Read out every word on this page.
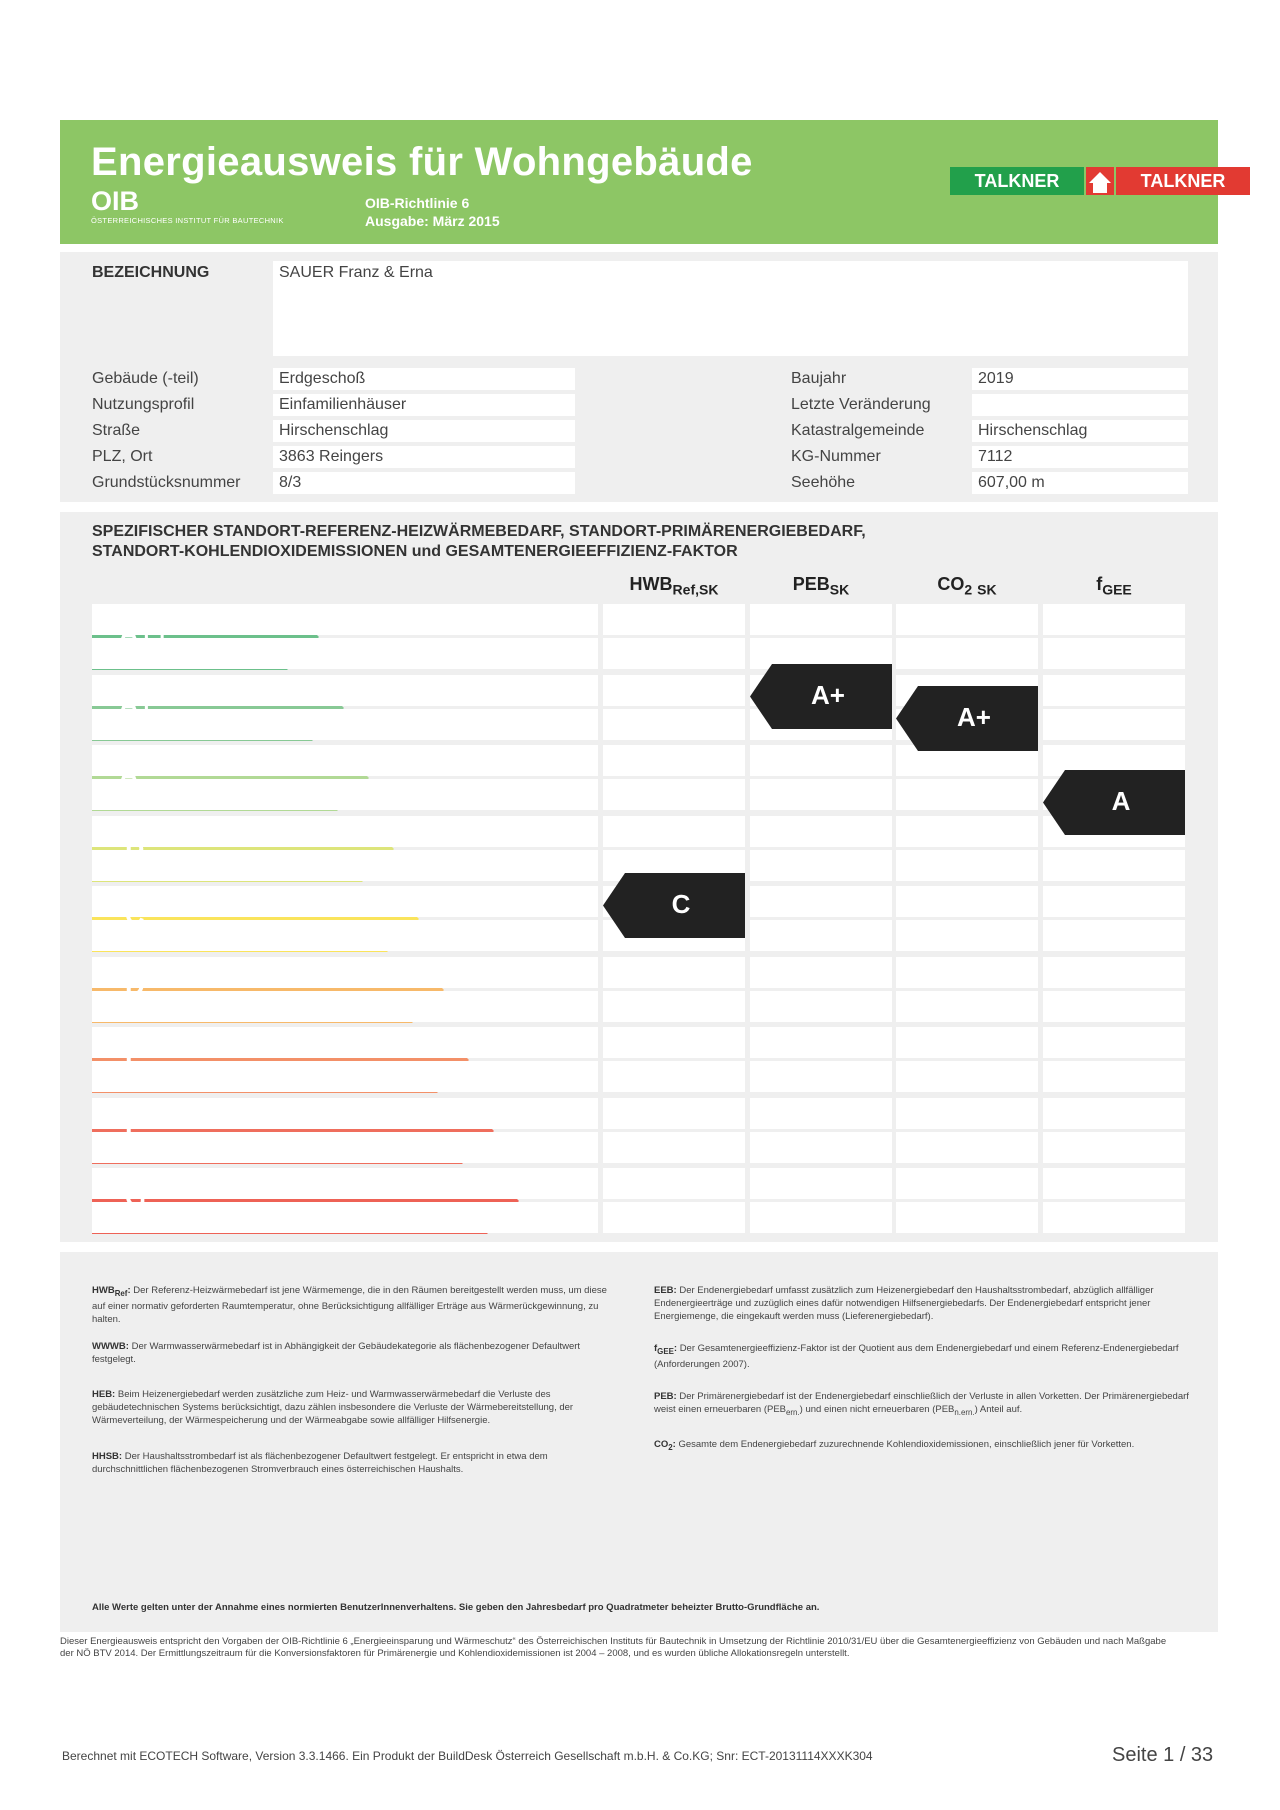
Energieausweis für Wohngebäude
OIB
ÖSTERREICHISCHES INSTITUT FÜR BAUTECHNIK
OIB-Richtlinie 6
Ausgabe: März 2015
TALKNER	TALKNER
BEZEICHNUNG	SAUER Franz & Erna
Gebäude (-teil)	Erdgeschoß
Nutzungsprofil	Einfamilienhäuser
Straße	Hirschenschlag
PLZ, Ort	3863 Reingers
Grundstücksnummer	8/3
Baujahr	2019
Letzte Veränderung
Katastralgemeinde	Hirschenschlag
KG-Nummer	7112
Seehöhe	607,00 m
SPEZIFISCHER STANDORT-REFERENZ-HEIZWÄRMEBEDARF, STANDORT-PRIMÄRENERGIEBEDARF,
STANDORT-KOHLENDIOXIDEMISSIONEN und GESAMTENERGIEEFFIZIENZ-FAKTOR
$HWB_{Ref,SK}$	$PEB_{SK}$	$CO_2$ $_{SK}$	$f_{GEE}$
C
A+
A+
A
$HWB_{Ref}$: Der Referenz-Heizwärmebedarf ist jene Wärmemenge, die in den Räumen bereitgestellt werden muss, um diese auf einer normativ geforderten Raumtemperatur, ohne Berücksichtigung allfälliger Erträge aus Wärmerückgewinnung, zu halten.
WWWB: Der Warmwasserwärmebedarf ist in Abhängigkeit der Gebäudekategorie als flächenbezogener Defaultwert festgelegt.
HEB: Beim Heizenergiebedarf werden zusätzliche zum Heiz- und Warmwasserwärmebedarf die Verluste des gebäudetechnischen Systems berücksichtigt, dazu zählen insbesondere die Verluste der Wärmebereitstellung, der Wärmeverteilung, der Wärmespeicherung und der Wärmeabgabe sowie allfälliger Hilfsenergie.
HHSB: Der Haushaltsstrombedarf ist als flächenbezogener Defaultwert festgelegt. Er entspricht in etwa dem durchschnittlichen flächenbezogenen Stromverbrauch eines österreichischen Haushalts.
EEB: Der Endenergiebedarf umfasst zusätzlich zum Heizenergiebedarf den Haushaltsstrombedarf, abzüglich allfälliger Endenergieerträge und zuzüglich eines dafür notwendigen Hilfsenergiebedarfs. Der Endenergiebedarf entspricht jener Energiemenge, die eingekauft werden muss (Lieferenergiebedarf).
$f_{GEE}$: Der Gesamtenergieeffizienz-Faktor ist der Quotient aus dem Endenergiebedarf und einem Referenz-Endenergiebedarf (Anforderungen 2007).
PEB: Der Primärenergiebedarf ist der Endenergiebedarf einschließlich der Verluste in allen Vorketten. Der Primärenergiebedarf weist einen erneuerbaren $(PEB_{ern.})$ und einen nicht erneuerbaren $(PEB_{n.ern.})$ Anteil auf.
$CO_2$: Gesamte dem Endenergiebedarf zuzurechnende Kohlendioxidemissionen, einschließlich jener für Vorketten.
Alle Werte gelten unter der Annahme eines normierten BenutzerInnenverhaltens. Sie geben den Jahresbedarf pro Quadratmeter beheizter Brutto-Grundfläche an.
Dieser Energieausweis entspricht den Vorgaben der OIB-Richtlinie 6 „Energieeinsparung und Wärmeschutz“ des Österreichischen Instituts für Bautechnik in Umsetzung der Richtlinie 2010/31/EU über die Gesamtenergieeffizienz von Gebäuden und nach Maßgabe der NÖ BTV 2014. Der Ermittlungszeitraum für die Konversionsfaktoren für Primärenergie und Kohlendioxidemissionen ist 2004 – 2008, und es wurden übliche Allokationsregeln unterstellt.
Berechnet mit ECOTECH Software, Version 3.3.1466. Ein Produkt der BuildDesk Österreich Gesellschaft m.b.H. & Co.KG; Snr: ECT-20131114XXXK304	Seite 1 / 33
